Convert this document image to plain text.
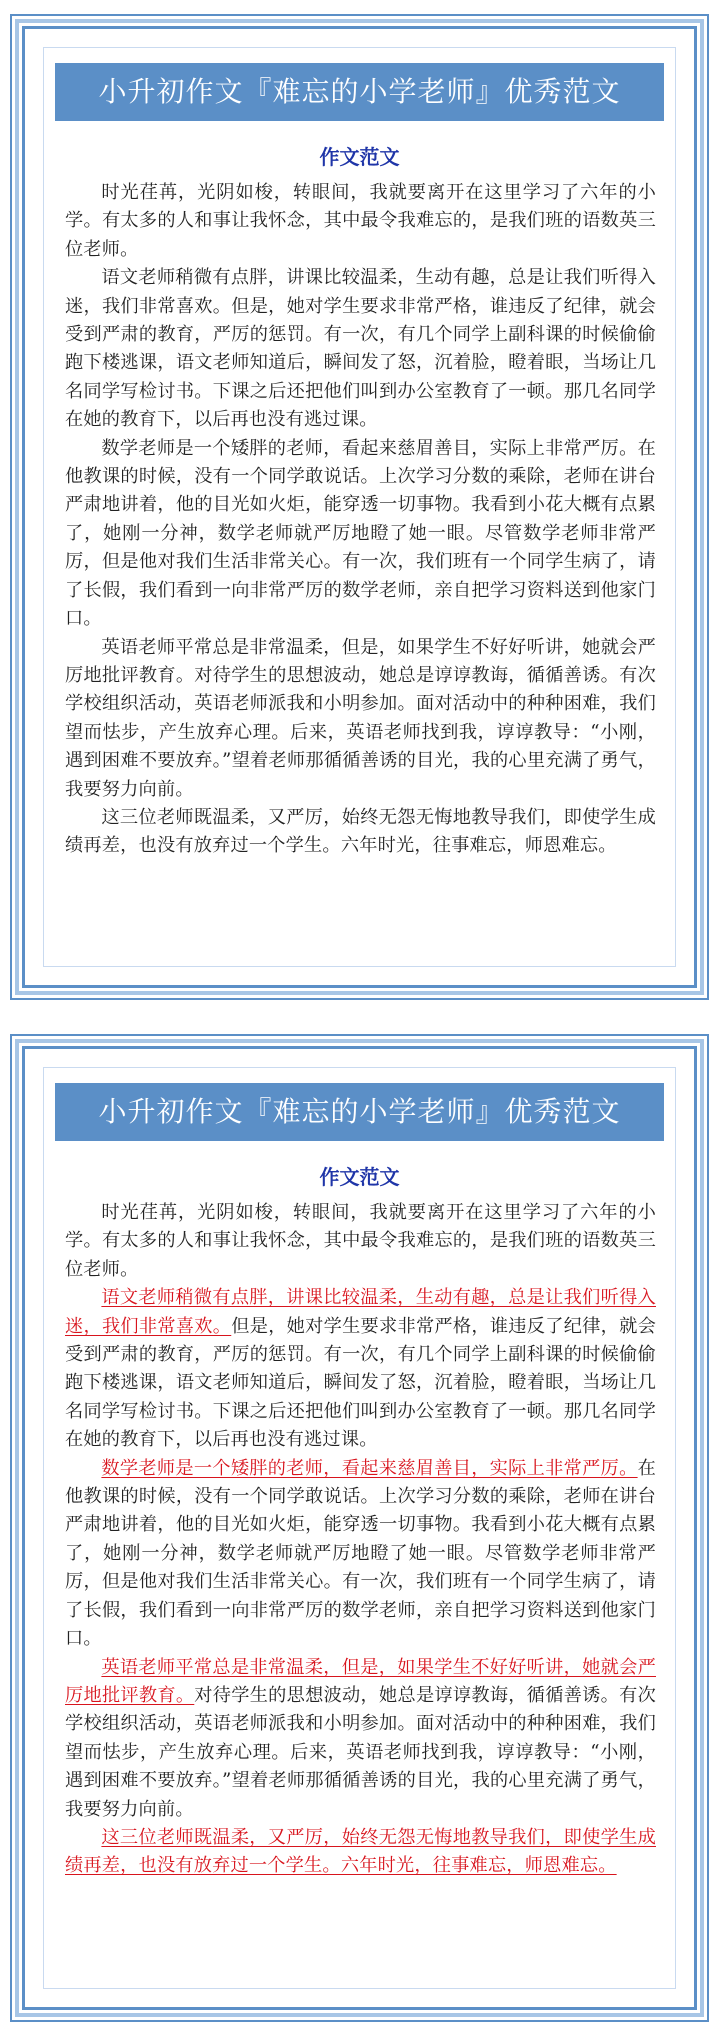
小升初作文『难忘的小学老师』优秀范文
作文范文

时光荏苒，光阴如梭，转眼间，我就要离开在这里学习了六年的小学。有太多的人和事让我怀念，其中最令我难忘的，是我们班的语数英三位老师。

语文老师稍微有点胖，讲课比较温柔，生动有趣，总是让我们听得入迷，我们非常喜欢。但是，她对学生要求非常严格，谁违反了纪律，就会受到严肃的教育，严厉的惩罚。有一次，有几个同学上副科课的时候偷偷跑下楼逃课，语文老师知道后，瞬间发了怒，沉着脸，瞪着眼，当场让几名同学写检讨书。下课之后还把他们叫到办公室教育了一顿。那几名同学在她的教育下，以后再也没有逃过课。

数学老师是一个矮胖的老师，看起来慈眉善目，实际上非常严厉。在他教课的时候，没有一个同学敢说话。上次学习分数的乘除，老师在讲台严肃地讲着，他的目光如火炬，能穿透一切事物。我看到小花大概有点累了，她刚一分神，数学老师就严厉地瞪了她一眼。尽管数学老师非常严厉，但是他对我们生活非常关心。有一次，我们班有一个同学生病了，请了长假，我们看到一向非常严厉的数学老师，亲自把学习资料送到他家门口。

英语老师平常总是非常温柔，但是，如果学生不好好听讲，她就会严厉地批评教育。对待学生的思想波动，她总是谆谆教诲，循循善诱。有次学校组织活动，英语老师派我和小明参加。面对活动中的种种困难，我们望而怯步，产生放弃心理。后来，英语老师找到我，谆谆教导：“小刚，遇到困难不要放弃。”望着老师那循循善诱的目光，我的心里充满了勇气，我要努力向前。

这三位老师既温柔，又严厉，始终无怨无悔地教导我们，即使学生成绩再差，也没有放弃过一个学生。六年时光，往事难忘，师恩难忘。

小升初作文『难忘的小学老师』优秀范文
作文范文

时光荏苒，光阴如梭，转眼间，我就要离开在这里学习了六年的小学。有太多的人和事让我怀念，其中最令我难忘的，是我们班的语数英三位老师。

语文老师稍微有点胖，讲课比较温柔，生动有趣，总是让我们听得入迷，我们非常喜欢。但是，她对学生要求非常严格，谁违反了纪律，就会受到严肃的教育，严厉的惩罚。有一次，有几个同学上副科课的时候偷偷跑下楼逃课，语文老师知道后，瞬间发了怒，沉着脸，瞪着眼，当场让几名同学写检讨书。下课之后还把他们叫到办公室教育了一顿。那几名同学在她的教育下，以后再也没有逃过课。

数学老师是一个矮胖的老师，看起来慈眉善目，实际上非常严厉。在他教课的时候，没有一个同学敢说话。上次学习分数的乘除，老师在讲台严肃地讲着，他的目光如火炬，能穿透一切事物。我看到小花大概有点累了，她刚一分神，数学老师就严厉地瞪了她一眼。尽管数学老师非常严厉，但是他对我们生活非常关心。有一次，我们班有一个同学生病了，请了长假，我们看到一向非常严厉的数学老师，亲自把学习资料送到他家门口。

英语老师平常总是非常温柔，但是，如果学生不好好听讲，她就会严厉地批评教育。对待学生的思想波动，她总是谆谆教诲，循循善诱。有次学校组织活动，英语老师派我和小明参加。面对活动中的种种困难，我们望而怯步，产生放弃心理。后来，英语老师找到我，谆谆教导：“小刚，遇到困难不要放弃。”望着老师那循循善诱的目光，我的心里充满了勇气，我要努力向前。

这三位老师既温柔，又严厉，始终无怨无悔地教导我们，即使学生成绩再差，也没有放弃过一个学生。六年时光，往事难忘，师恩难忘。
